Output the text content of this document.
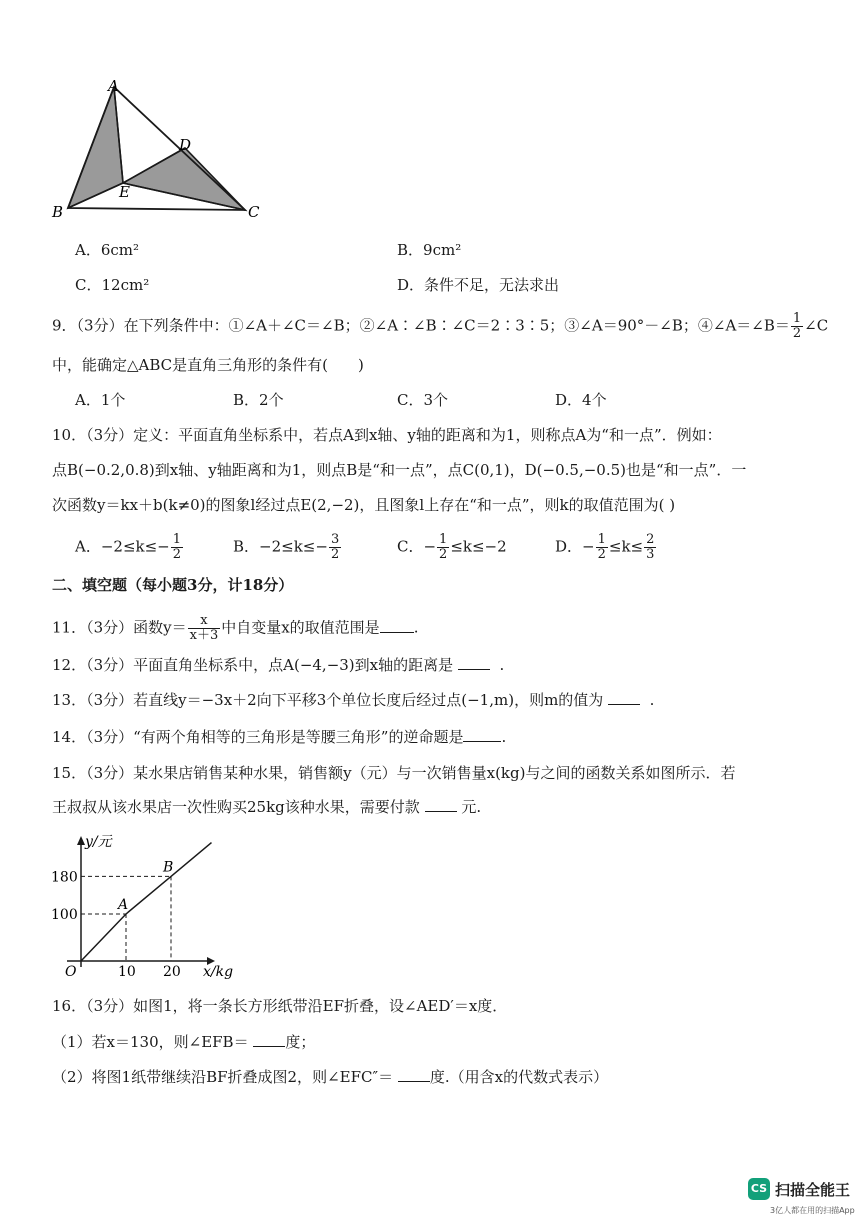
A
B	C
D
E
A．6cm²	B．9cm²
C．12cm²	D．条件不足，无法求出
9．（3分）在下列条件中：①∠A＋∠C＝∠B；②∠A∶∠B∶∠C＝2∶3∶5；③∠A＝90°－∠B；④∠A＝∠B＝ $\frac{1}{2}$ ∠C
中，能确定△ABC是直角三角形的条件有(　　)
A．1个	B．2个	C．3个	D．4个
10．（3分）定义：平面直角坐标系中，若点A到x轴、y轴的距离和为1，则称点A为“和一点”．例如：
点B(−0.2,0.8)到x轴、y轴距离和为1，则点B是“和一点”，点C(0,1)，D(−0.5,−0.5)也是“和一点”．一
次函数y＝kx＋b(k≠0)的图象l经过点E(2,−2)，且图象l上存在“和一点”，则k的取值范围为( )
A．$-2\le k\le- \frac{1}{2}$	B．$-2\le k\le- \frac{3}{2}$	C．− $\frac{1}{2} \le k\le-2$	D．− $\frac{1}{2} \le k\le \frac{2}{3}$
二、填空题（每小题3分，计18分）
11．（3分）函数$y= \frac{x}{x+3}$ 中自变量x的取值范围是 .
12．（3分）平面直角坐标系中，点A(−4,−3)到x轴的距离是	.
13．（3分）若直线y＝−3x＋2向下平移3个单位长度后经过点(−1,m)，则m的值为	.
14．（3分）“有两个角相等的三角形是等腰三角形”的逆命题是	.
15．（3分）某水果店销售某种水果，销售额y（元）与一次销售量x(kg)与之间的函数关系如图所示．若
王叔叔从该水果店一次性购买25kg该种水果，需要付款	元.
y/元
x/kg
O
A
B
10 20
100
180
16．（3分）如图1，将一条长方形纸带沿EF折叠，设∠AED′＝x度．
（1）若x＝130，则∠EFB＝ 度；
（2）将图1纸带继续沿BF折叠成图2，则∠EFC″＝ 度.（用含x的代数式表示）
CS 扫描全能王
3亿人都在用的扫描App
